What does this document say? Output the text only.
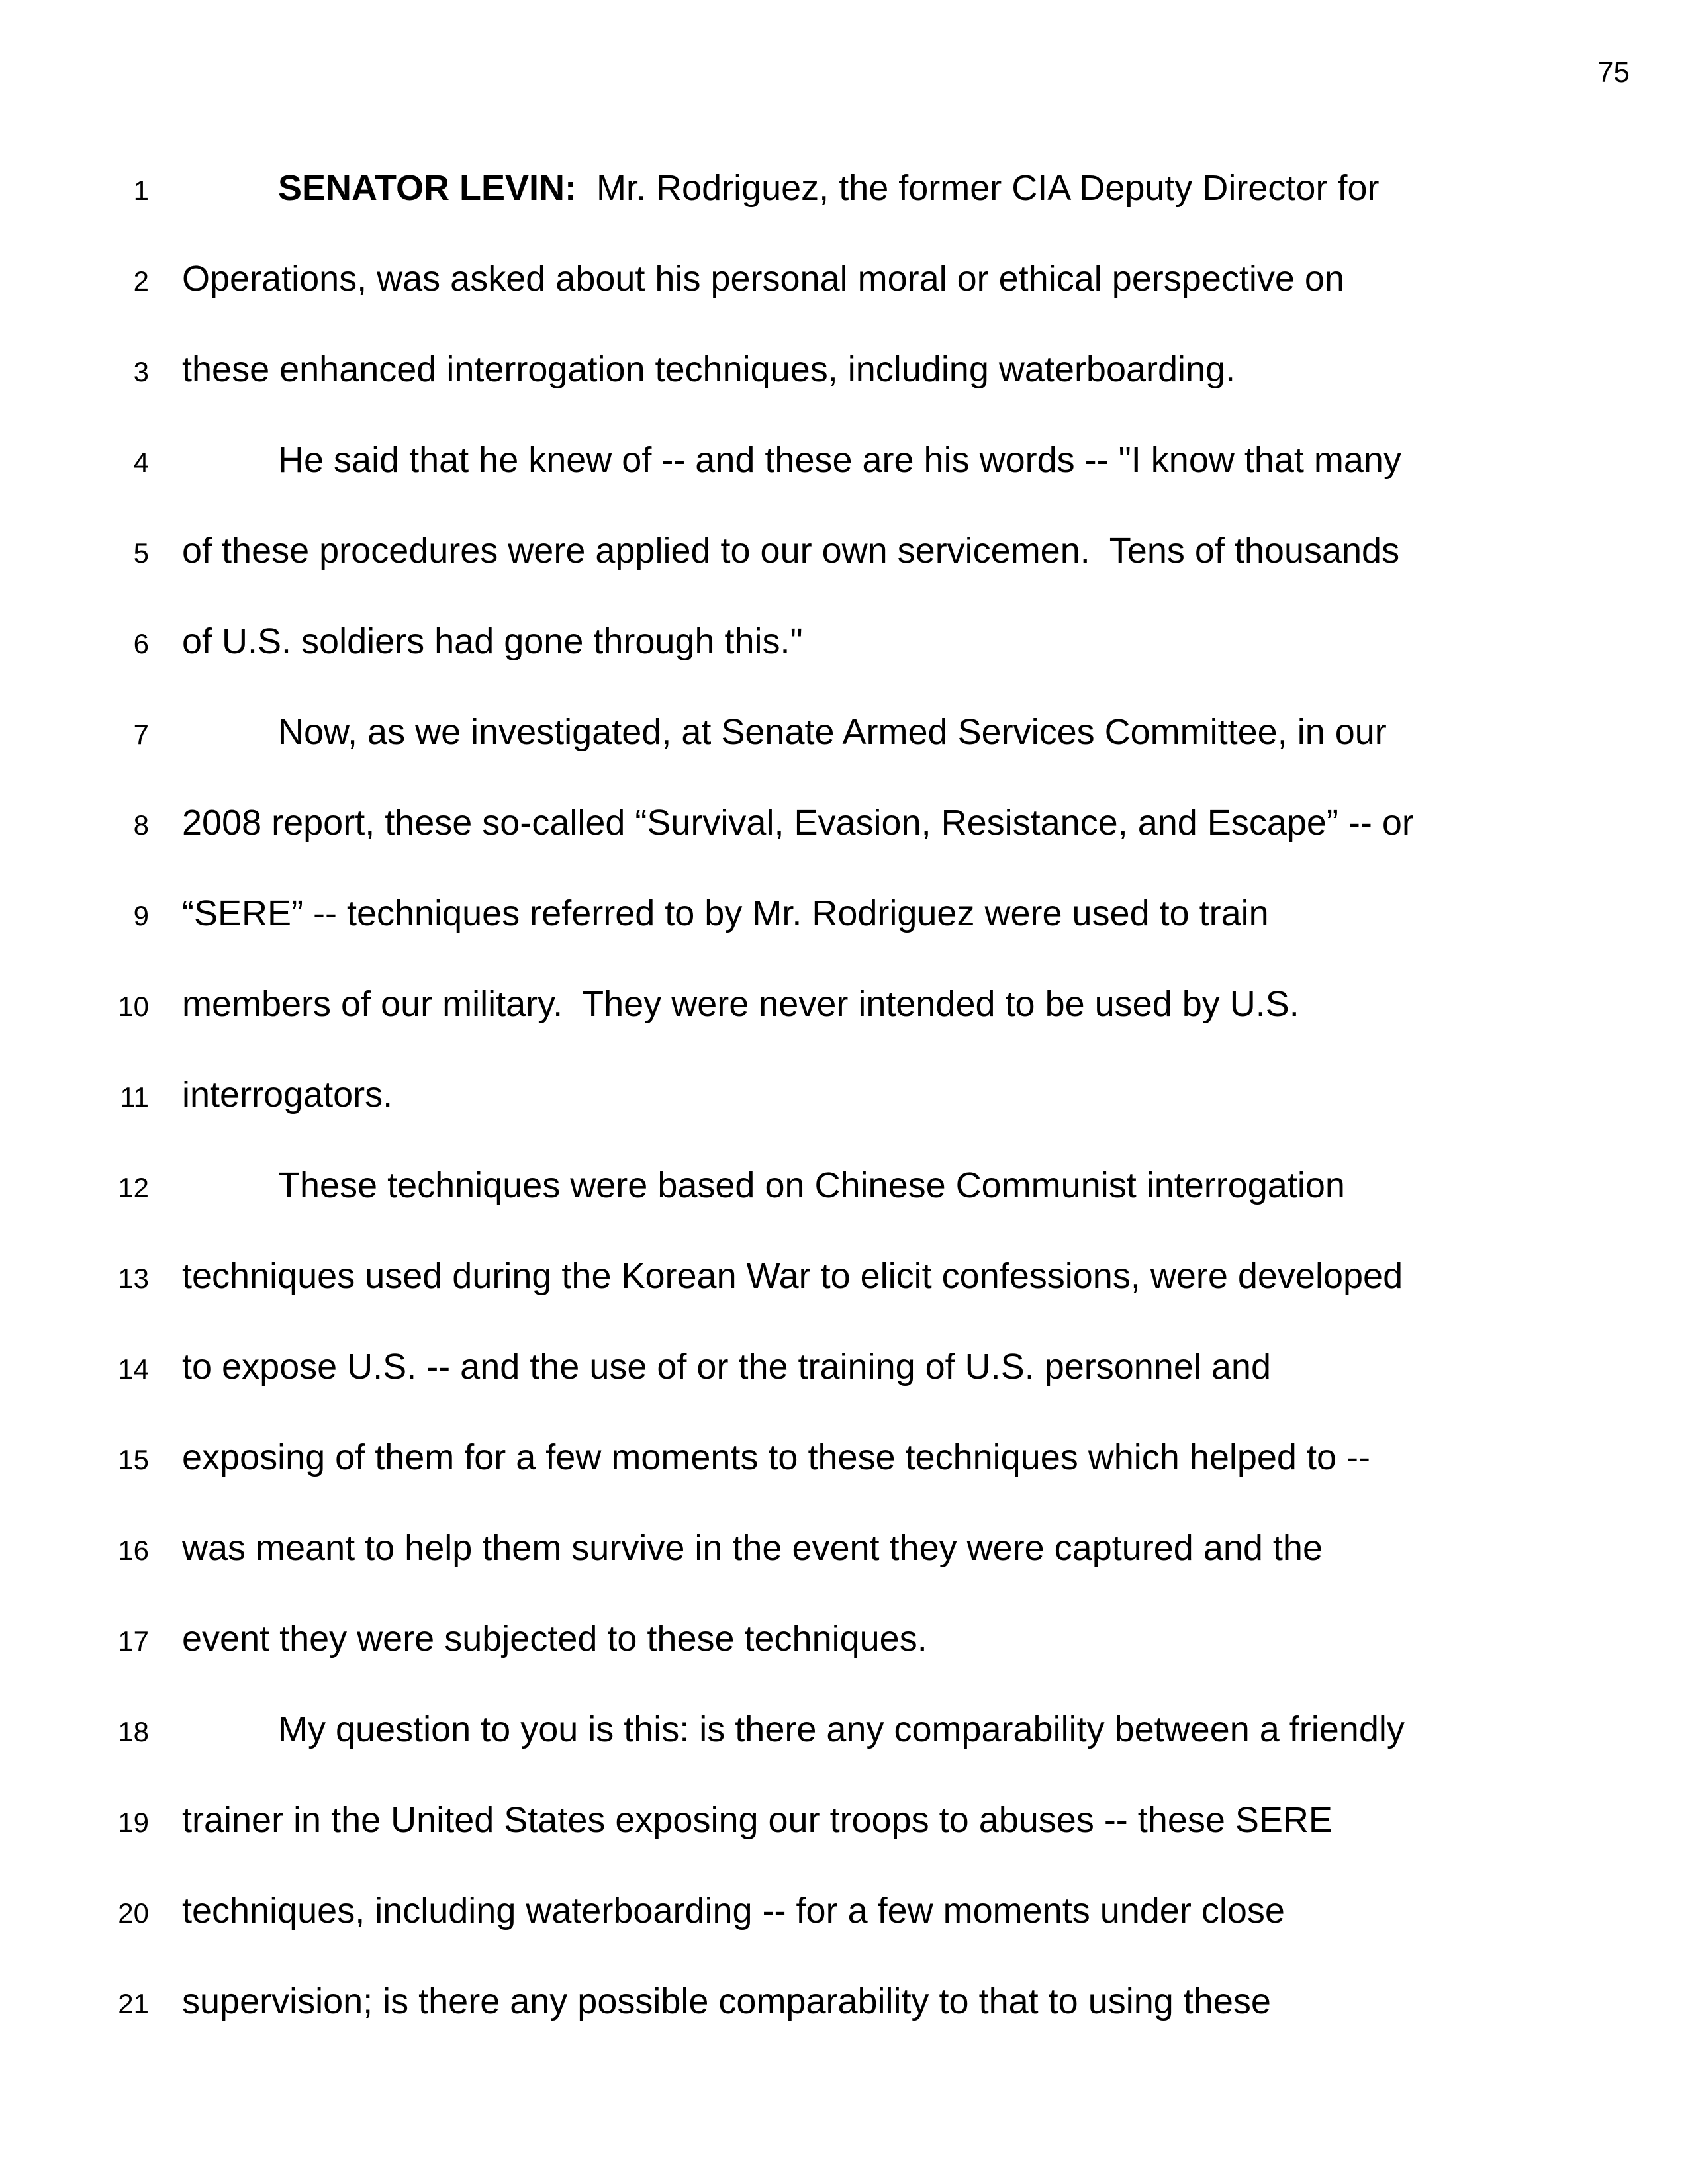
75
1	SENATOR LEVIN:  Mr. Rodriguez, the former CIA Deputy Director for
2 Operations, was asked about his personal moral or ethical perspective on
3 these enhanced interrogation techniques, including waterboarding.
4	He said that he knew of -- and these are his words -- "I know that many
5 of these procedures were applied to our own servicemen.  Tens of thousands
6 of U.S. soldiers had gone through this."
7	Now, as we investigated, at Senate Armed Services Committee, in our
8 2008 report, these so-called “Survival, Evasion, Resistance, and Escape” -- or
9 “SERE” -- techniques referred to by Mr. Rodriguez were used to train
10 members of our military.  They were never intended to be used by U.S.
11 interrogators.
12	These techniques were based on Chinese Communist interrogation
13 techniques used during the Korean War to elicit confessions, were developed
14 to expose U.S. -- and the use of or the training of U.S. personnel and
15 exposing of them for a few moments to these techniques which helped to --
16 was meant to help them survive in the event they were captured and the
17 event they were subjected to these techniques.
18	My question to you is this: is there any comparability between a friendly
19 trainer in the United States exposing our troops to abuses -- these SERE
20 techniques, including waterboarding -- for a few moments under close
21 supervision; is there any possible comparability to that to using these
